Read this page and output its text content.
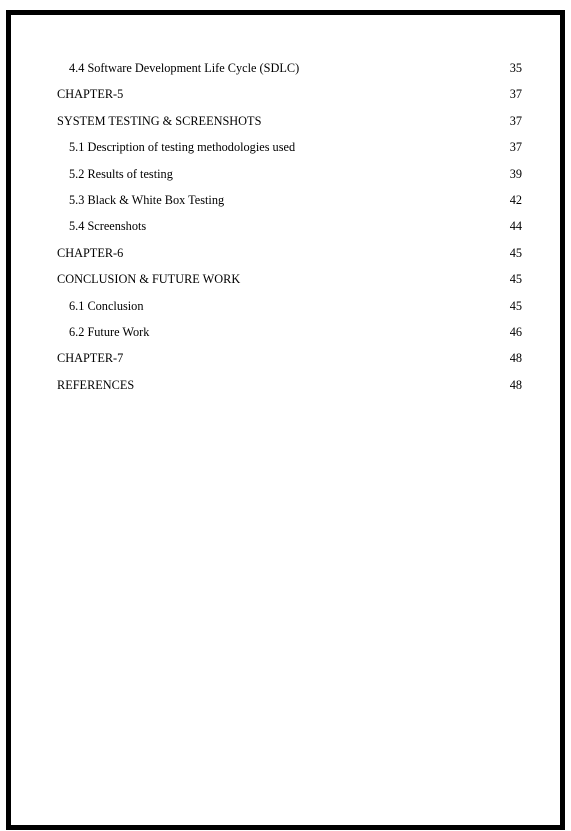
4.4 Software Development Life Cycle (SDLC)	35
CHAPTER-5	37
SYSTEM TESTING & SCREENSHOTS	37
5.1 Description of testing methodologies used	37
5.2 Results of testing	39
5.3 Black & White Box Testing	42
5.4 Screenshots	44
CHAPTER-6	45
CONCLUSION & FUTURE WORK	45
6.1 Conclusion	45
6.2 Future Work	46
CHAPTER-7	48
REFERENCES	48
